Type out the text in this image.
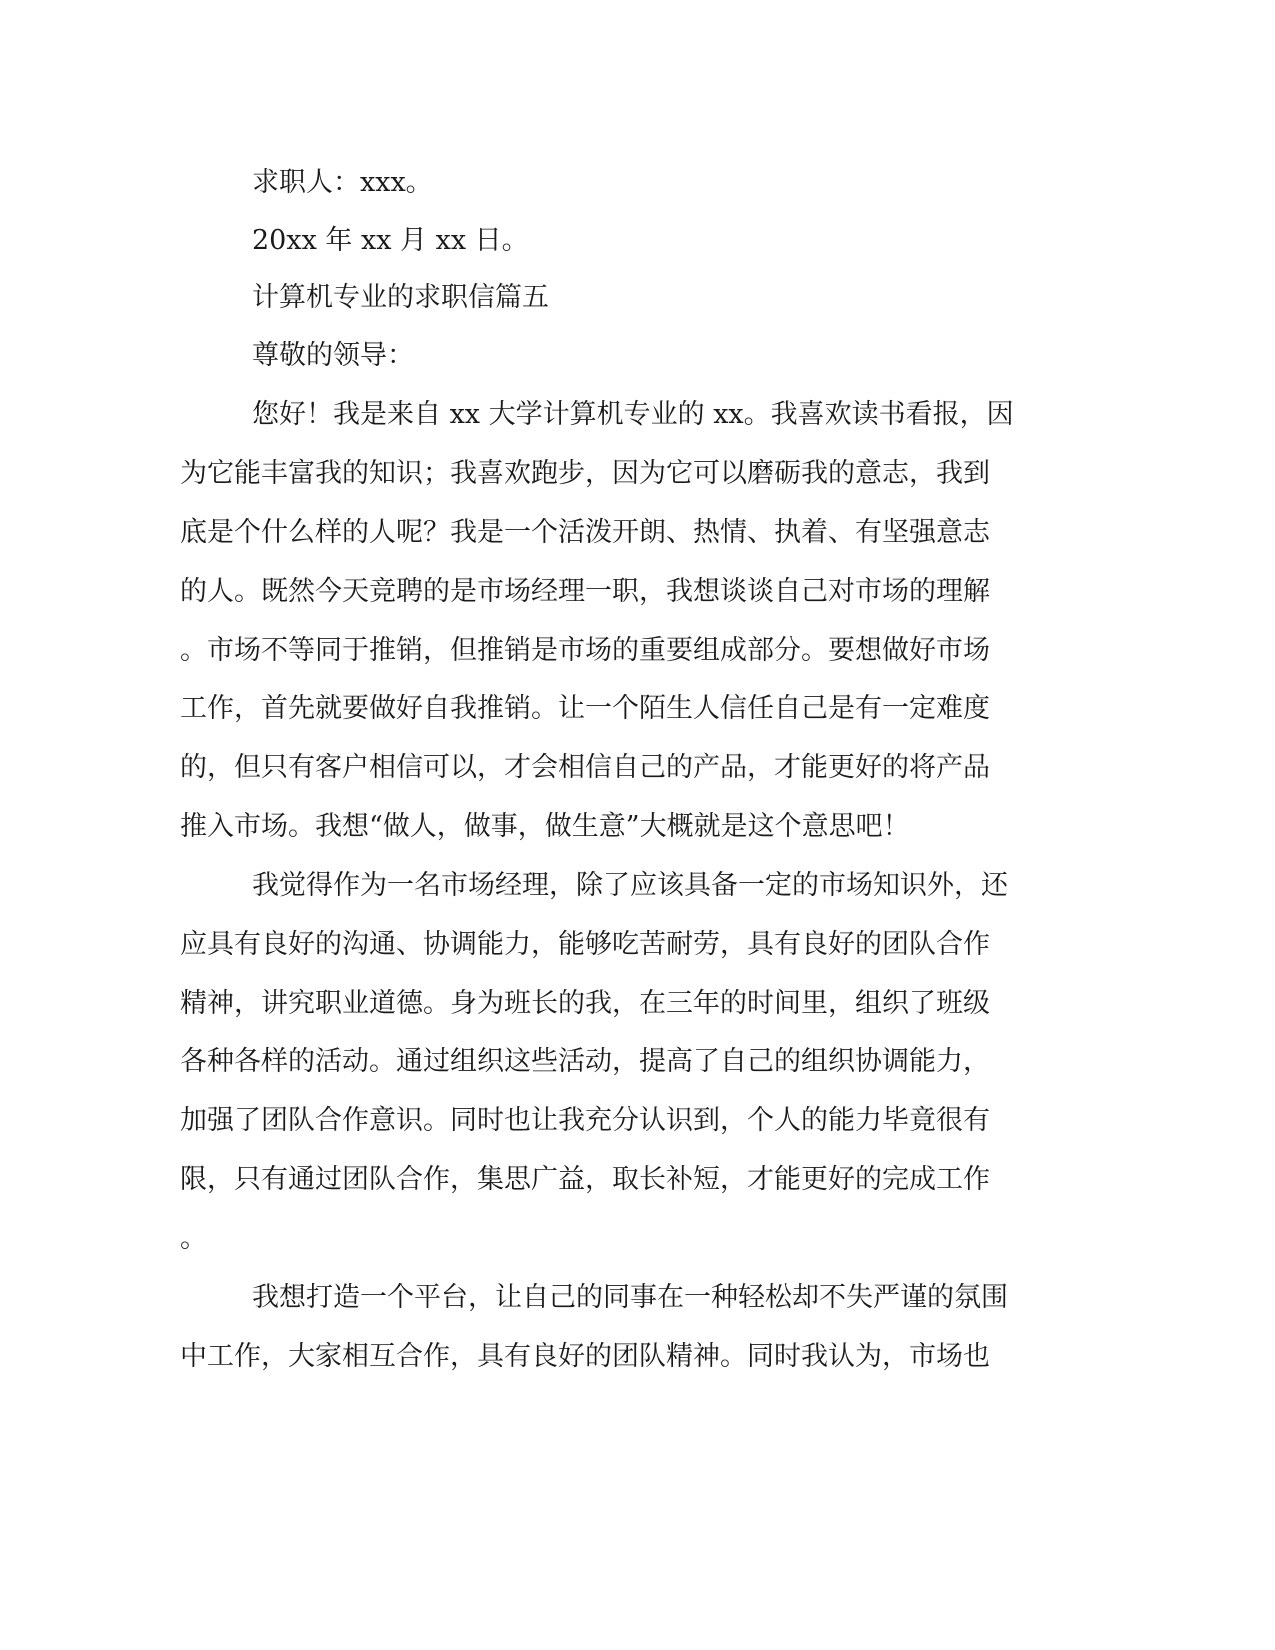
求职人：xxx。
20xx 年 xx 月 xx 日。
计算机专业的求职信篇五
尊敬的领导：
您好！我是来自 xx 大学计算机专业的 xx。我喜欢读书看报，因
为它能丰富我的知识；我喜欢跑步，因为它可以磨砺我的意志，我到
底是个什么样的人呢？我是一个活泼开朗、热情、执着、有坚强意志
的人。既然今天竞聘的是市场经理一职，我想谈谈自己对市场的理解
。市场不等同于推销，但推销是市场的重要组成部分。要想做好市场
工作，首先就要做好自我推销。让一个陌生人信任自己是有一定难度
的，但只有客户相信可以，才会相信自己的产品，才能更好的将产品
推入市场。我想“做人，做事，做生意”大概就是这个意思吧！
我觉得作为一名市场经理，除了应该具备一定的市场知识外，还
应具有良好的沟通、协调能力，能够吃苦耐劳，具有良好的团队合作
精神，讲究职业道德。身为班长的我，在三年的时间里，组织了班级
各种各样的活动。通过组织这些活动，提高了自己的组织协调能力，
加强了团队合作意识。同时也让我充分认识到，个人的能力毕竟很有
限，只有通过团队合作，集思广益，取长补短，才能更好的完成工作
。
我想打造一个平台，让自己的同事在一种轻松却不失严谨的氛围
中工作，大家相互合作，具有良好的团队精神。同时我认为，市场也
